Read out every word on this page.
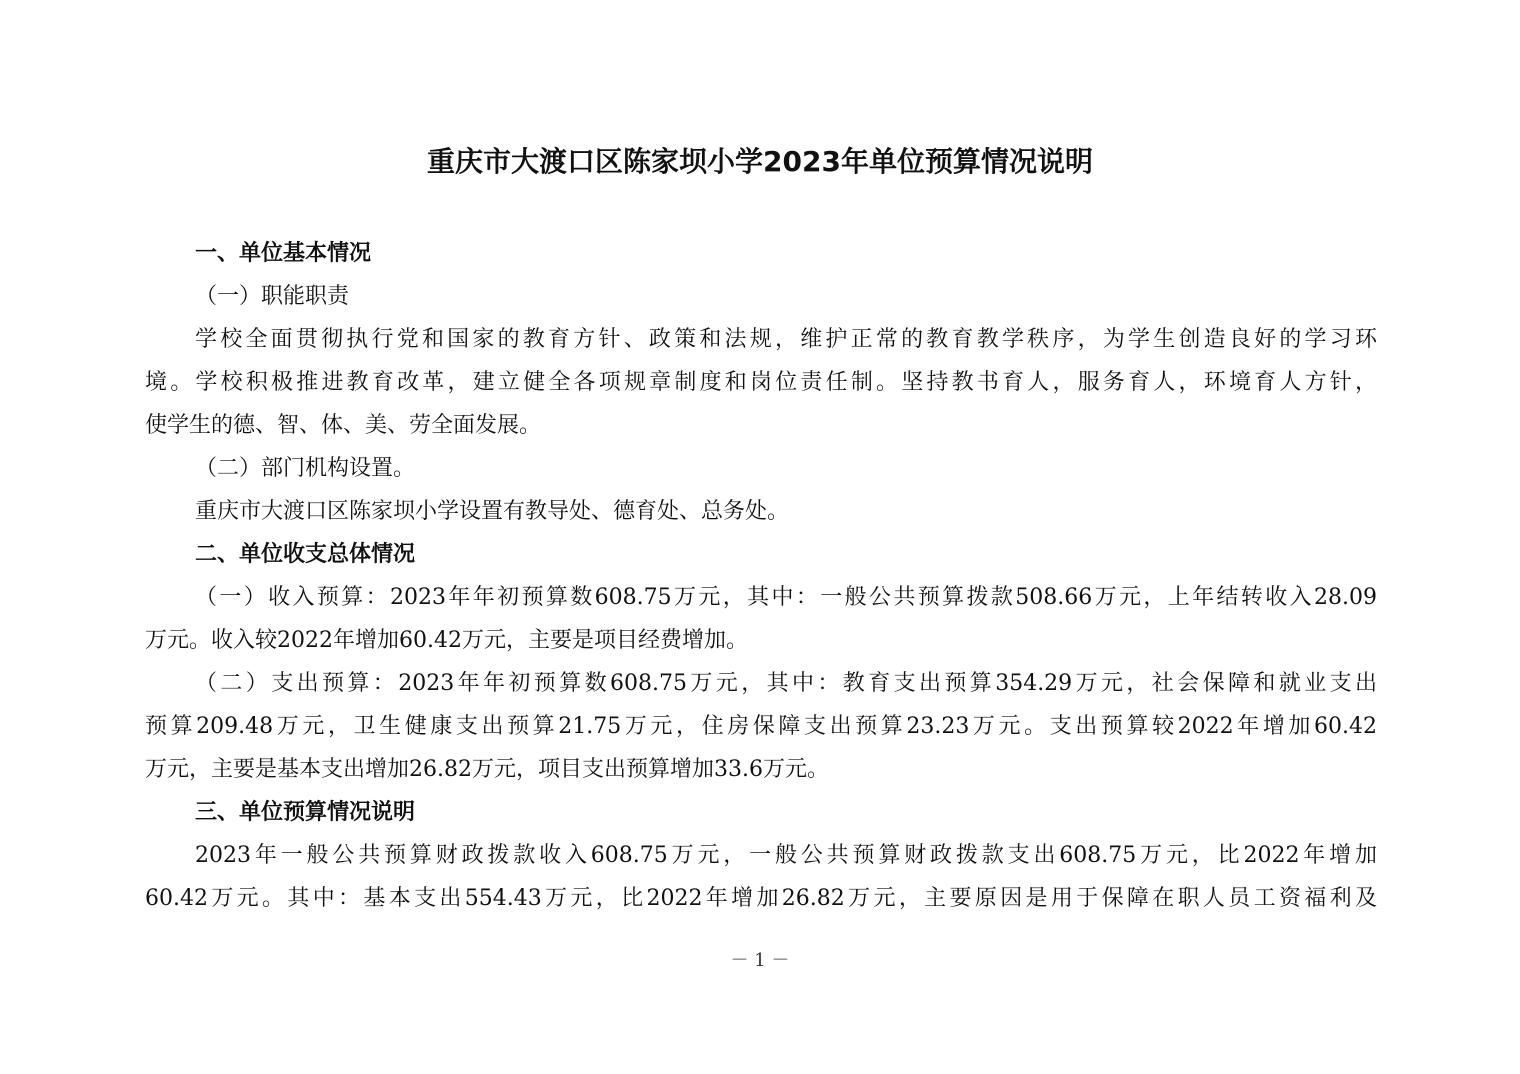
重庆市大渡口区陈家坝小学2023年单位预算情况说明
一、单位基本情况
（一）职能职责
学校全面贯彻执行党和国家的教育方针、政策和法规，维护正常的教育教学秩序，为学生创造良好的学习环
境。学校积极推进教育改革，建立健全各项规章制度和岗位责任制。坚持教书育人，服务育人，环境育人方针，
使学生的德、智、体、美、劳全面发展。
（二）部门机构设置。
重庆市大渡口区陈家坝小学设置有教导处、德育处、总务处。
二、单位收支总体情况
（一）收入预算：2023年年初预算数608.75万元，其中：一般公共预算拨款508.66万元，上年结转收入28.09
万元。收入较2022年增加60.42万元，主要是项目经费增加。
（二）支出预算：2023年年初预算数608.75万元，其中：教育支出预算354.29万元，社会保障和就业支出
预算209.48万元，卫生健康支出预算21.75万元，住房保障支出预算23.23万元。支出预算较2022年增加60.42
万元，主要是基本支出增加26.82万元，项目支出预算增加33.6万元。
三、单位预算情况说明
2023年一般公共预算财政拨款收入608.75万元，一般公共预算财政拨款支出608.75万元，比2022年增加
60.42万元。其中：基本支出554.43万元，比2022年增加26.82万元，主要原因是用于保障在职人员工资福利及
－ 1 －
